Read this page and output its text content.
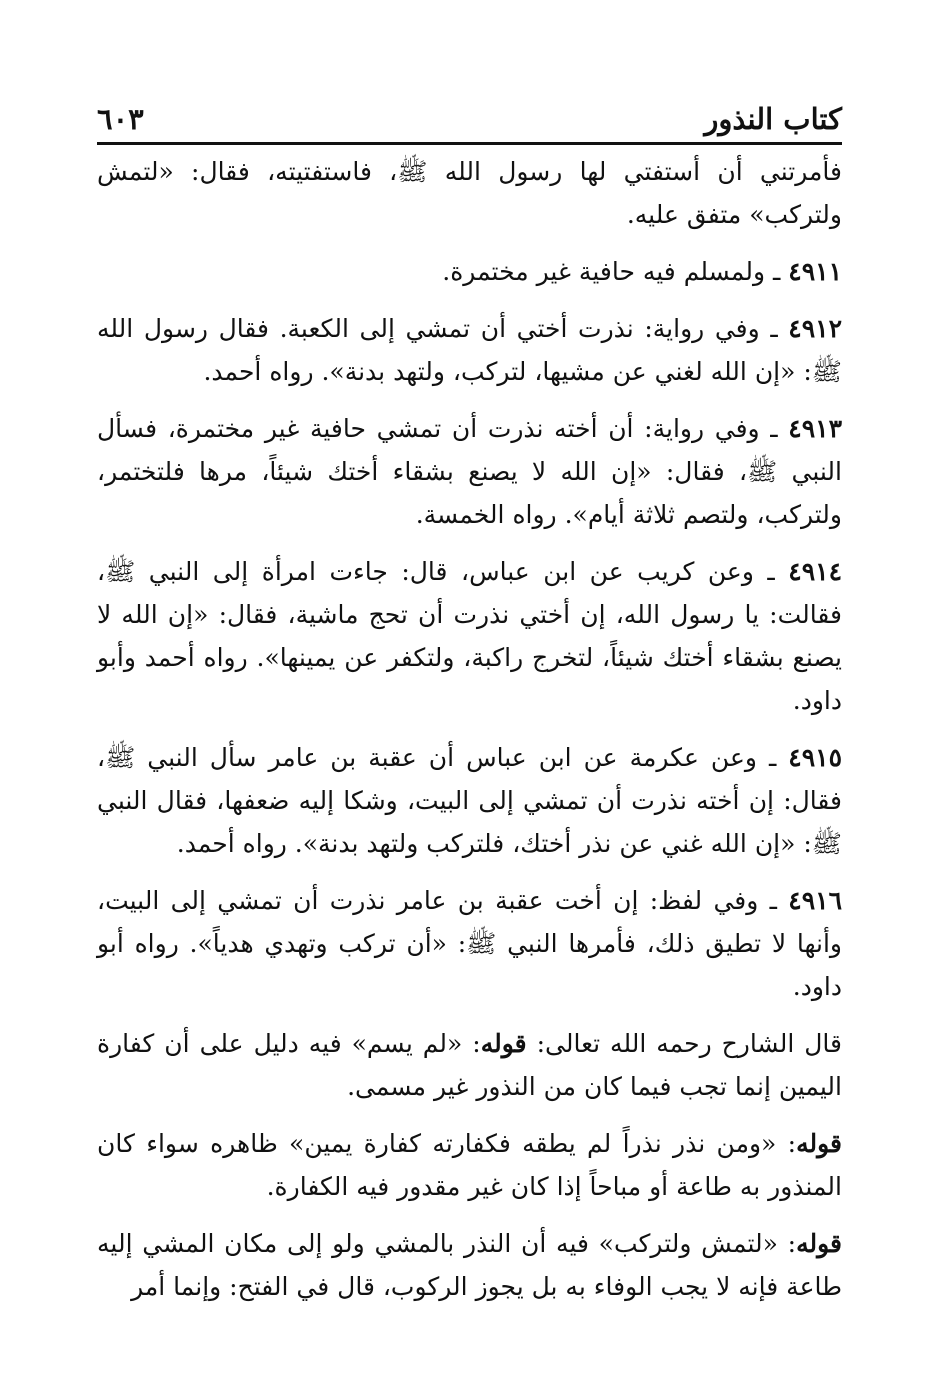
كتاب النذور
٦٠٣

فأمرتني أن أستفتي لها رسول الله ﷺ، فاستفتيته، فقال: «لتمش ولتركب» متفق عليه.

٤٩١١ ـ ولمسلم فيه حافية غير مختمرة.

٤٩١٢ ـ وفي رواية: نذرت أختي أن تمشي إلى الكعبة. فقال رسول الله ﷺ: «إن الله لغني عن مشيها، لتركب، ولتهد بدنة». رواه أحمد.

٤٩١٣ ـ وفي رواية: أن أخته نذرت أن تمشي حافية غير مختمرة، فسأل النبي ﷺ، فقال: «إن الله لا يصنع بشقاء أختك شيئاً، مرها فلتختمر، ولتركب، ولتصم ثلاثة أيام». رواه الخمسة.

٤٩١٤ ـ وعن كريب عن ابن عباس، قال: جاءت امرأة إلى النبي ﷺ، فقالت: يا رسول الله، إن أختي نذرت أن تحج ماشية، فقال: «إن الله لا يصنع بشقاء أختك شيئاً، لتخرج راكبة، ولتكفر عن يمينها». رواه أحمد وأبو داود.

٤٩١٥ ـ وعن عكرمة عن ابن عباس أن عقبة بن عامر سأل النبي ﷺ، فقال: إن أخته نذرت أن تمشي إلى البيت، وشكا إليه ضعفها، فقال النبي ﷺ: «إن الله غني عن نذر أختك، فلتركب ولتهد بدنة». رواه أحمد.

٤٩١٦ ـ وفي لفظ: إن أخت عقبة بن عامر نذرت أن تمشي إلى البيت، وأنها لا تطيق ذلك، فأمرها النبي ﷺ: «أن تركب وتهدي هدياً». رواه أبو داود.

قال الشارح رحمه الله تعالى: قوله: «لم يسم» فيه دليل على أن كفارة اليمين إنما تجب فيما كان من النذور غير مسمى.

قوله: «ومن نذر نذراً لم يطقه فكفارته كفارة يمين» ظاهره سواء كان المنذور به طاعة أو مباحاً إذا كان غير مقدور فيه الكفارة.

قوله: «لتمش ولتركب» فيه أن النذر بالمشي ولو إلى مكان المشي إليه طاعة فإنه لا يجب الوفاء به بل يجوز الركوب، قال في الفتح: وإنما أمر
